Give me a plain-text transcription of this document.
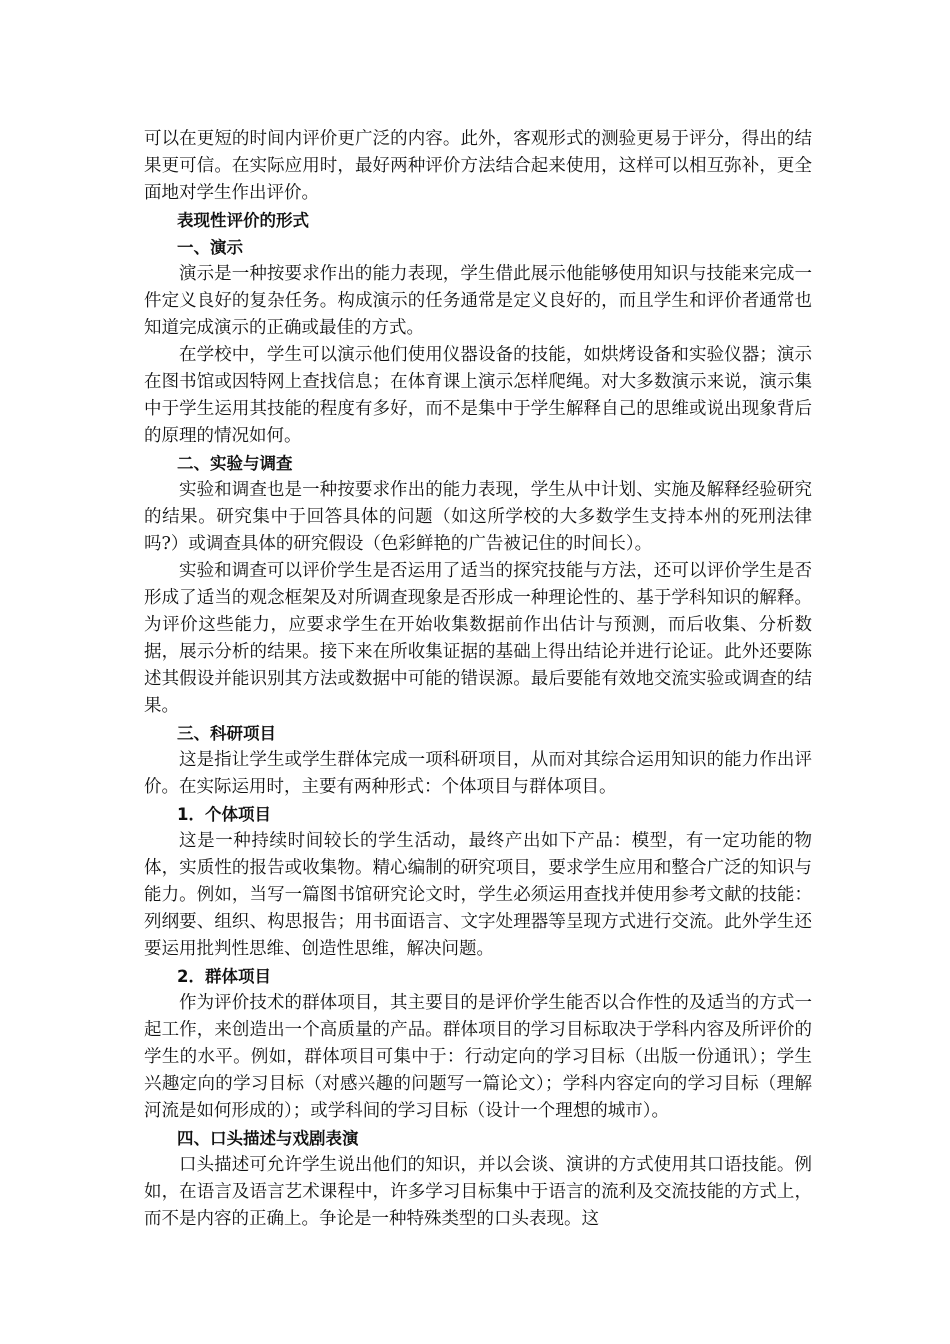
可以在更短的时间内评价更广泛的内容。此外，客观形式的测验更易于评分，得出的结果更可信。在实际应用时，最好两种评价方法结合起来使用，这样可以相互弥补，更全面地对学生作出评价。

表现性评价的形式

一、演示

演示是一种按要求作出的能力表现，学生借此展示他能够使用知识与技能来完成一件定义良好的复杂任务。构成演示的任务通常是定义良好的，而且学生和评价者通常也知道完成演示的正确或最佳的方式。

在学校中，学生可以演示他们使用仪器设备的技能，如烘烤设备和实验仪器；演示在图书馆或因特网上查找信息；在体育课上演示怎样爬绳。对大多数演示来说，演示集中于学生运用其技能的程度有多好，而不是集中于学生解释自己的思维或说出现象背后的原理的情况如何。

二、实验与调查

实验和调查也是一种按要求作出的能力表现，学生从中计划、实施及解释经验研究的结果。研究集中于回答具体的问题（如这所学校的大多数学生支持本州的死刑法律吗?）或调查具体的研究假设（色彩鲜艳的广告被记住的时间长）。

实验和调查可以评价学生是否运用了适当的探究技能与方法，还可以评价学生是否形成了适当的观念框架及对所调查现象是否形成一种理论性的、基于学科知识的解释。为评价这些能力，应要求学生在开始收集数据前作出估计与预测，而后收集、分析数据，展示分析的结果。接下来在所收集证据的基础上得出结论并进行论证。此外还要陈述其假设并能识别其方法或数据中可能的错误源。最后要能有效地交流实验或调查的结果。

三、科研项目

这是指让学生或学生群体完成一项科研项目，从而对其综合运用知识的能力作出评价。在实际运用时，主要有两种形式：个体项目与群体项目。

1．个体项目

这是一种持续时间较长的学生活动，最终产出如下产品：模型，有一定功能的物体，实质性的报告或收集物。精心编制的研究项目，要求学生应用和整合广泛的知识与能力。例如，当写一篇图书馆研究论文时，学生必须运用查找并使用参考文献的技能：列纲要、组织、构思报告；用书面语言、文字处理器等呈现方式进行交流。此外学生还要运用批判性思维、创造性思维，解决问题。

2．群体项目

作为评价技术的群体项目，其主要目的是评价学生能否以合作性的及适当的方式一起工作，来创造出一个高质量的产品。群体项目的学习目标取决于学科内容及所评价的学生的水平。例如，群体项目可集中于：行动定向的学习目标（出版一份通讯）；学生兴趣定向的学习目标（对感兴趣的问题写一篇论文）；学科内容定向的学习目标（理解河流是如何形成的）；或学科间的学习目标（设计一个理想的城市）。

四、口头描述与戏剧表演

口头描述可允许学生说出他们的知识，并以会谈、演讲的方式使用其口语技能。例如，在语言及语言艺术课程中，许多学习目标集中于语言的流利及交流技能的方式上，而不是内容的正确上。争论是一种特殊类型的口头表现。这
